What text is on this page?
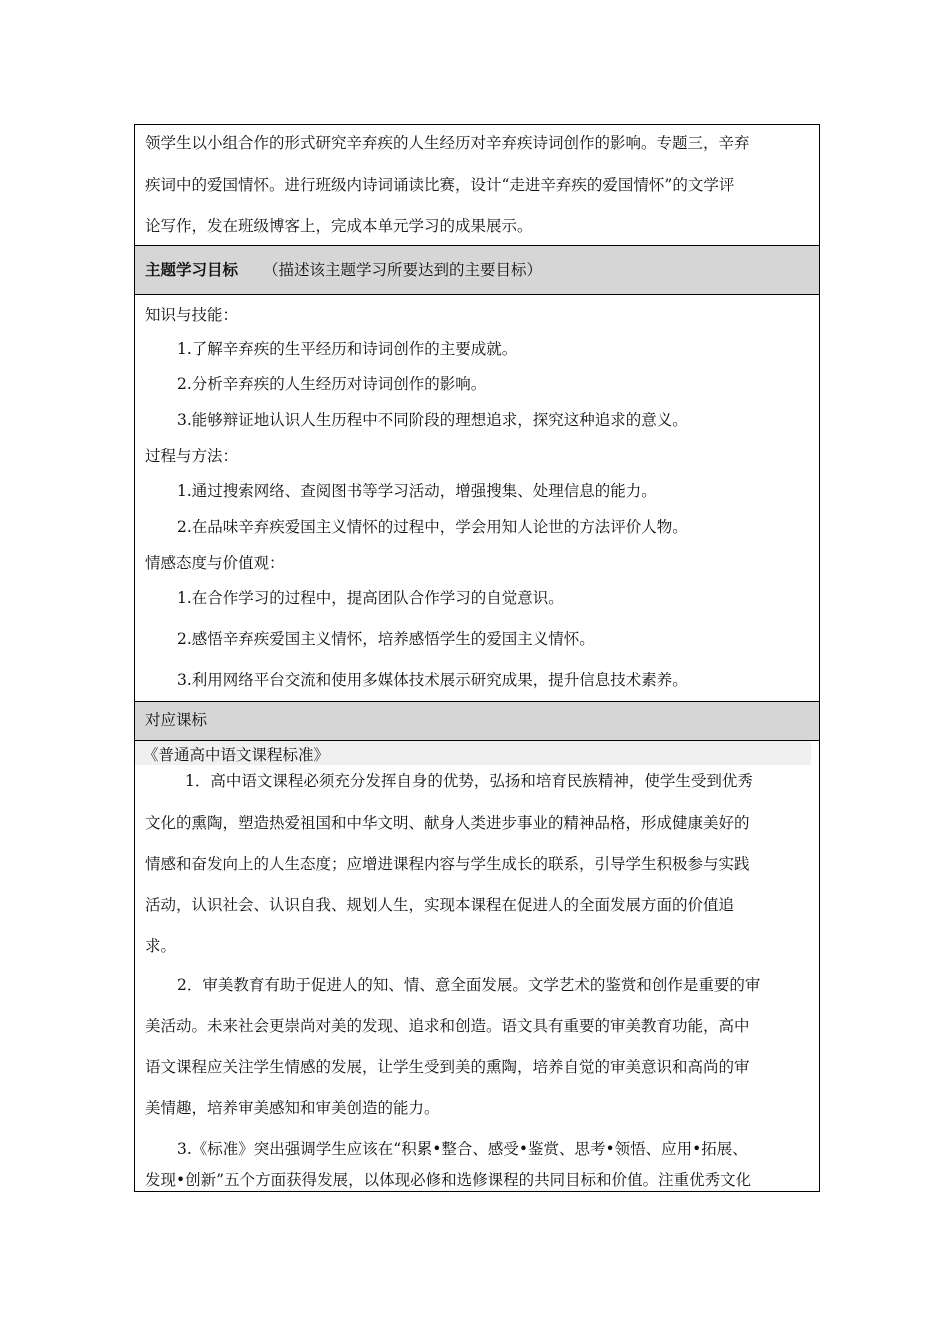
领学生以小组合作的形式研究辛弃疾的人生经历对辛弃疾诗词创作的影响。专题三，辛弃
疾词中的爱国情怀。进行班级内诗词诵读比赛，设计“走进辛弃疾的爱国情怀”的文学评
论写作，发在班级博客上，完成本单元学习的成果展示。
主题学习目标 （描述该主题学习所要达到的主要目标）
知识与技能：
1.了解辛弃疾的生平经历和诗词创作的主要成就。
2.分析辛弃疾的人生经历对诗词创作的影响。
3.能够辩证地认识人生历程中不同阶段的理想追求，探究这种追求的意义。
过程与方法：
1.通过搜索网络、查阅图书等学习活动，增强搜集、处理信息的能力。
2.在品味辛弃疾爱国主义情怀的过程中，学会用知人论世的方法评价人物。
情感态度与价值观：
1.在合作学习的过程中，提高团队合作学习的自觉意识。
2.感悟辛弃疾爱国主义情怀，培养感悟学生的爱国主义情怀。
3.利用网络平台交流和使用多媒体技术展示研究成果，提升信息技术素养。
对应课标
《普通高中语文课程标准》
1．高中语文课程必须充分发挥自身的优势，弘扬和培育民族精神，使学生受到优秀
文化的熏陶，塑造热爱祖国和中华文明、献身人类进步事业的精神品格，形成健康美好的
情感和奋发向上的人生态度；应增进课程内容与学生成长的联系，引导学生积极参与实践
活动，认识社会、认识自我、规划人生，实现本课程在促进人的全面发展方面的价值追
求。
2．审美教育有助于促进人的知、情、意全面发展。文学艺术的鉴赏和创作是重要的审
美活动。未来社会更崇尚对美的发现、追求和创造。语文具有重要的审美教育功能，高中
语文课程应关注学生情感的发展，让学生受到美的熏陶，培养自觉的审美意识和高尚的审
美情趣，培养审美感知和审美创造的能力。
3.《标准》突出强调学生应该在“积累•整合、感受•鉴赏、思考•领悟、应用•拓展、
发现•创新”五个方面获得发展，以体现必修和选修课程的共同目标和价值。注重优秀文化
